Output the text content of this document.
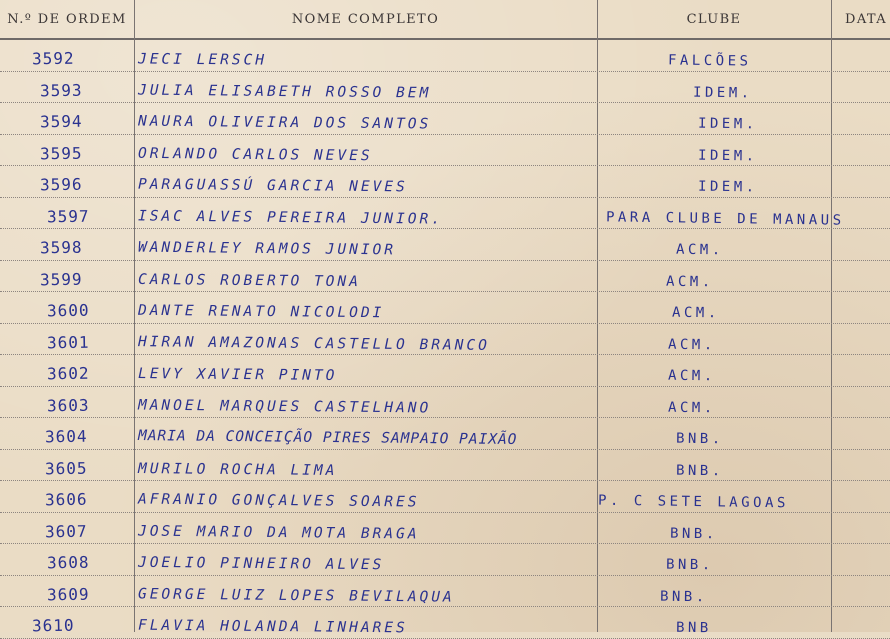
N.º DE ORDEM	NOME COMPLETO	CLUBE	DATA
3592	JECI LERSCH	FALCÕES
3593	JULIA ELISABETH ROSSO BEM	IDEM.
3594	NAURA OLIVEIRA DOS SANTOS	IDEM.
3595	ORLANDO CARLOS NEVES	IDEM.
3596	PARAGUASSÚ GARCIA NEVES	IDEM.
3597	ISAC ALVES PEREIRA JUNIOR.	PARA CLUBE DE MANAUS
3598	WANDERLEY RAMOS JUNIOR	ACM.
3599	CARLOS ROBERTO TONA	ACM.
3600	DANTE RENATO NICOLODI	ACM.
3601	HIRAN AMAZONAS CASTELLO BRANCO	ACM.
3602	LEVY XAVIER PINTO	ACM.
3603	MANOEL MARQUES CASTELHANO	ACM.
3604	MARIA DA CONCEIÇÃO PIRES SAMPAIO PAIXÃO	BNB.
3605	MURILO ROCHA LIMA	BNB.
3606	AFRANIO GONÇALVES SOARES	P. C SETE LAGOAS
3607	JOSE MARIO DA MOTA BRAGA	BNB.
3608	JOELIO PINHEIRO ALVES	BNB.
3609	GEORGE LUIZ LOPES BEVILAQUA	BNB.
3610	FLAVIA HOLANDA LINHARES	BNB
